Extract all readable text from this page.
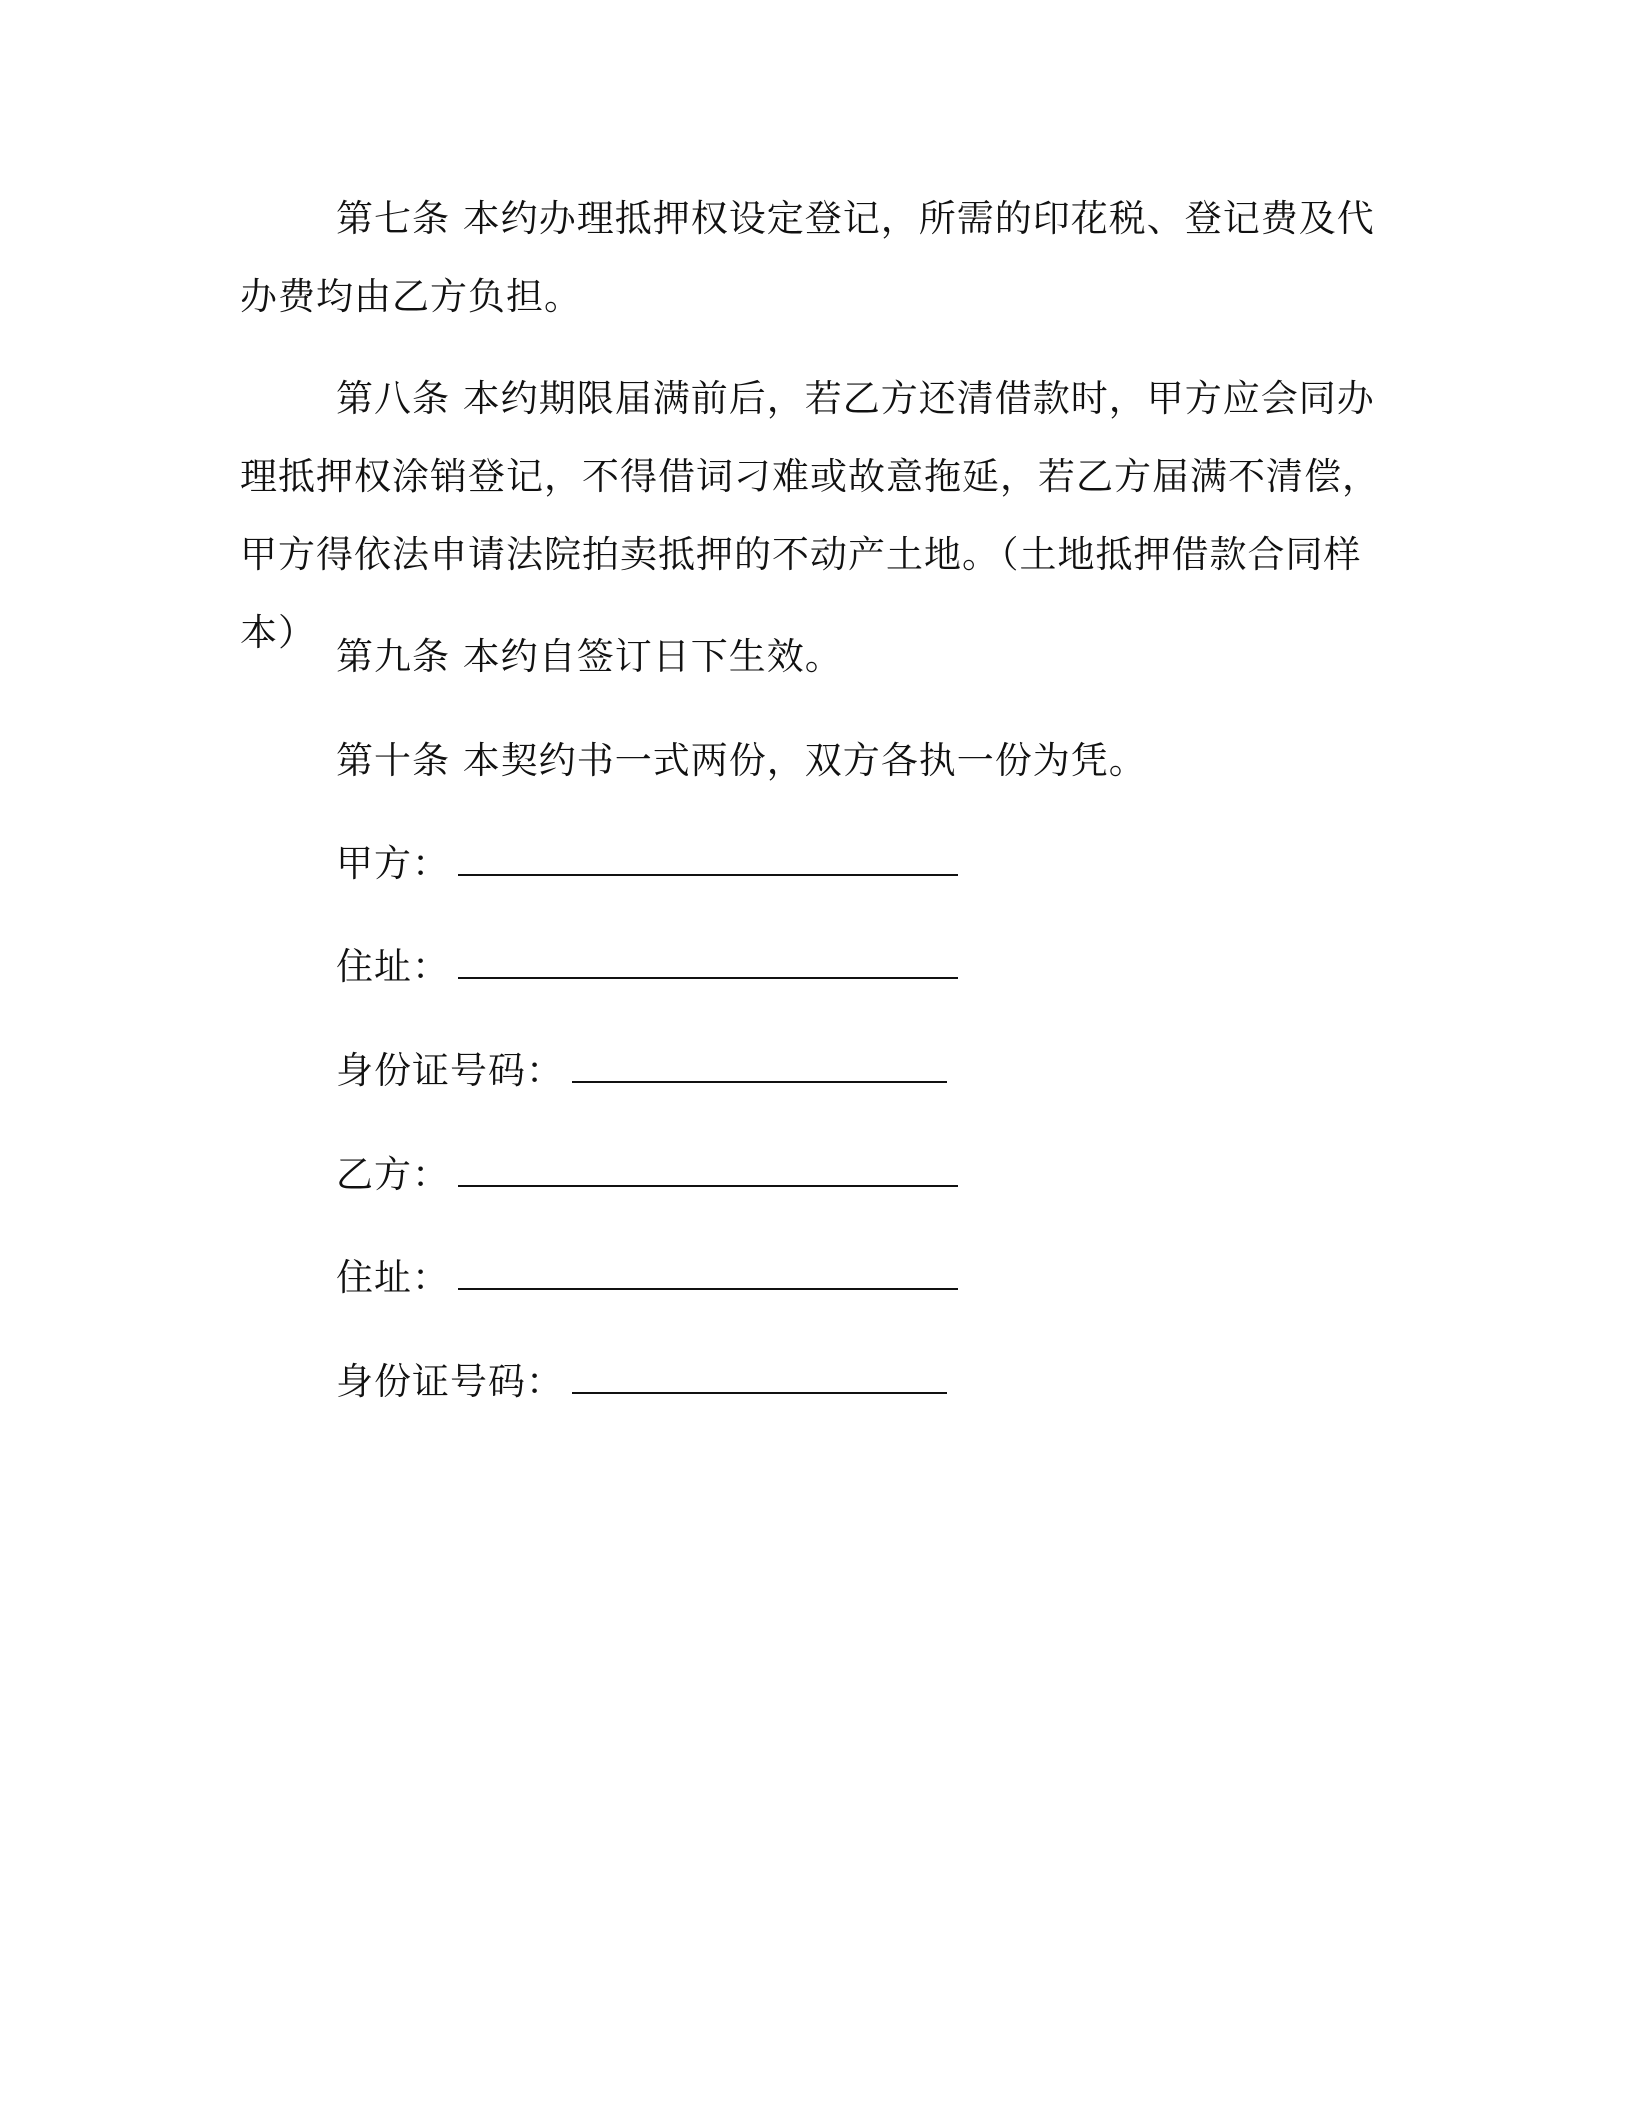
第七条 本约办理抵押权设定登记，所需的印花税、登记费及代办费均由乙方负担。

第八条 本约期限届满前后，若乙方还清借款时，甲方应会同办理抵押权涂销登记，不得借词刁难或故意拖延，若乙方届满不清偿，甲方得依法申请法院拍卖抵押的不动产土地。（土地抵押借款合同样本）

第九条 本约自签订日下生效。

第十条 本契约书一式两份，双方各执一份为凭。

甲方：
住址：
身份证号码：
乙方：
住址：
身份证号码：
